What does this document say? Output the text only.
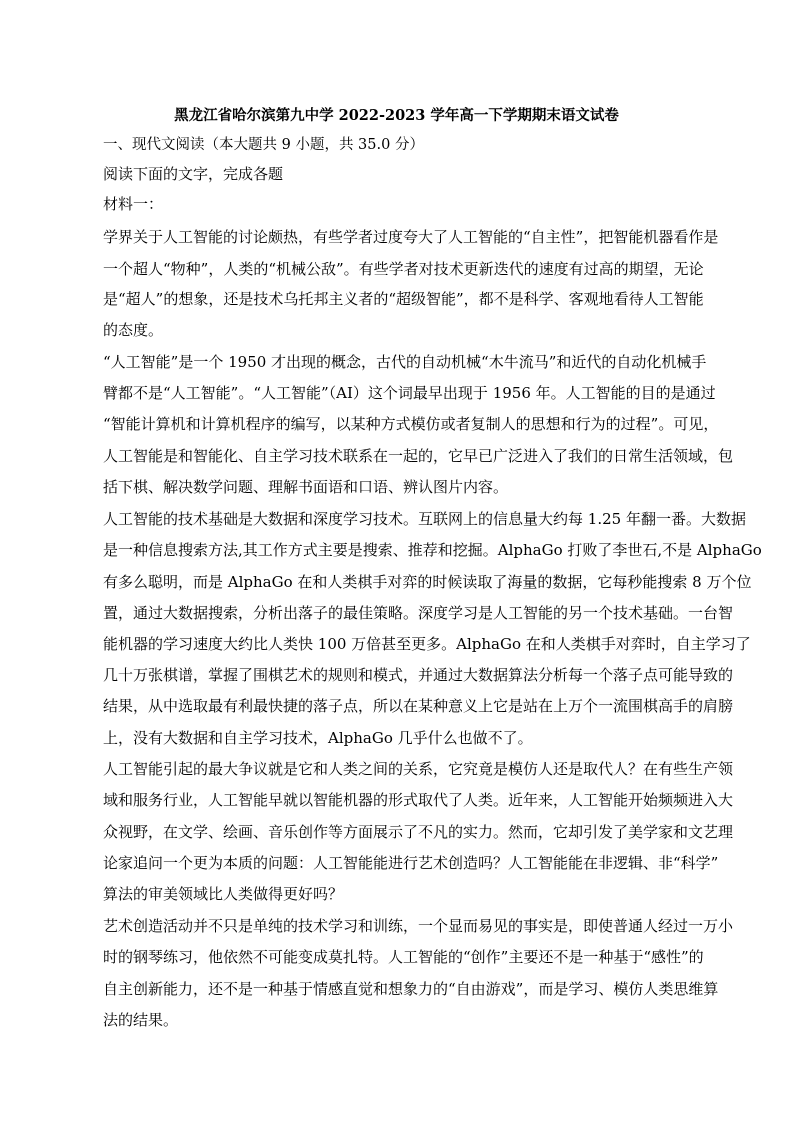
黑龙江省哈尔滨第九中学 2022-2023 学年高一下学期期末语文试卷
一、现代文阅读（本大题共 9 小题，共 35.0 分）
阅读下面的文字，完成各题
材料一：
学界关于人工智能的讨论颇热，有些学者过度夸大了人工智能的“自主性”，把智能机器看作是
一个超人“物种”，人类的“机械公敌”。有些学者对技术更新迭代的速度有过高的期望，无论
是“超人”的想象，还是技术乌托邦主义者的“超级智能”，都不是科学、客观地看待人工智能
的态度。
“人工智能”是一个 1950 才出现的概念，古代的自动机械“木牛流马”和近代的自动化机械手
臂都不是“人工智能”。“人工智能”（AI）这个词最早出现于 1956 年。人工智能的目的是通过
“智能计算机和计算机程序的编写，以某种方式模仿或者复制人的思想和行为的过程”。可见，
人工智能是和智能化、自主学习技术联系在一起的，它早已广泛进入了我们的日常生活领域，包
括下棋、解决数学问题、理解书面语和口语、辨认图片内容。
人工智能的技术基础是大数据和深度学习技术。互联网上的信息量大约每 1.25 年翻一番。大数据
是一种信息搜索方法,其工作方式主要是搜索、推荐和挖掘。AlphaGo 打败了李世石,不是 AlphaGo
有多么聪明，而是 AlphaGo 在和人类棋手对弈的时候读取了海量的数据，它每秒能搜索 8 万个位
置，通过大数据搜索，分析出落子的最佳策略。深度学习是人工智能的另一个技术基础。一台智
能机器的学习速度大约比人类快 100 万倍甚至更多。AlphaGo 在和人类棋手对弈时，自主学习了
几十万张棋谱，掌握了围棋艺术的规则和模式，并通过大数据算法分析每一个落子点可能导致的
结果，从中选取最有利最快捷的落子点，所以在某种意义上它是站在上万个一流围棋高手的肩膀
上，没有大数据和自主学习技术，AlphaGo 几乎什么也做不了。
人工智能引起的最大争议就是它和人类之间的关系，它究竟是模仿人还是取代人？在有些生产领
域和服务行业，人工智能早就以智能机器的形式取代了人类。近年来，人工智能开始频频进入大
众视野，在文学、绘画、音乐创作等方面展示了不凡的实力。然而，它却引发了美学家和文艺理
论家追问一个更为本质的问题：人工智能能进行艺术创造吗？人工智能能在非逻辑、非“科学”
算法的审美领域比人类做得更好吗？
艺术创造活动并不只是单纯的技术学习和训练，一个显而易见的事实是，即使普通人经过一万小
时的钢琴练习，他依然不可能变成莫扎特。人工智能的“创作”主要还不是一种基于“感性”的
自主创新能力，还不是一种基于情感直觉和想象力的“自由游戏”，而是学习、模仿人类思维算
法的结果。
